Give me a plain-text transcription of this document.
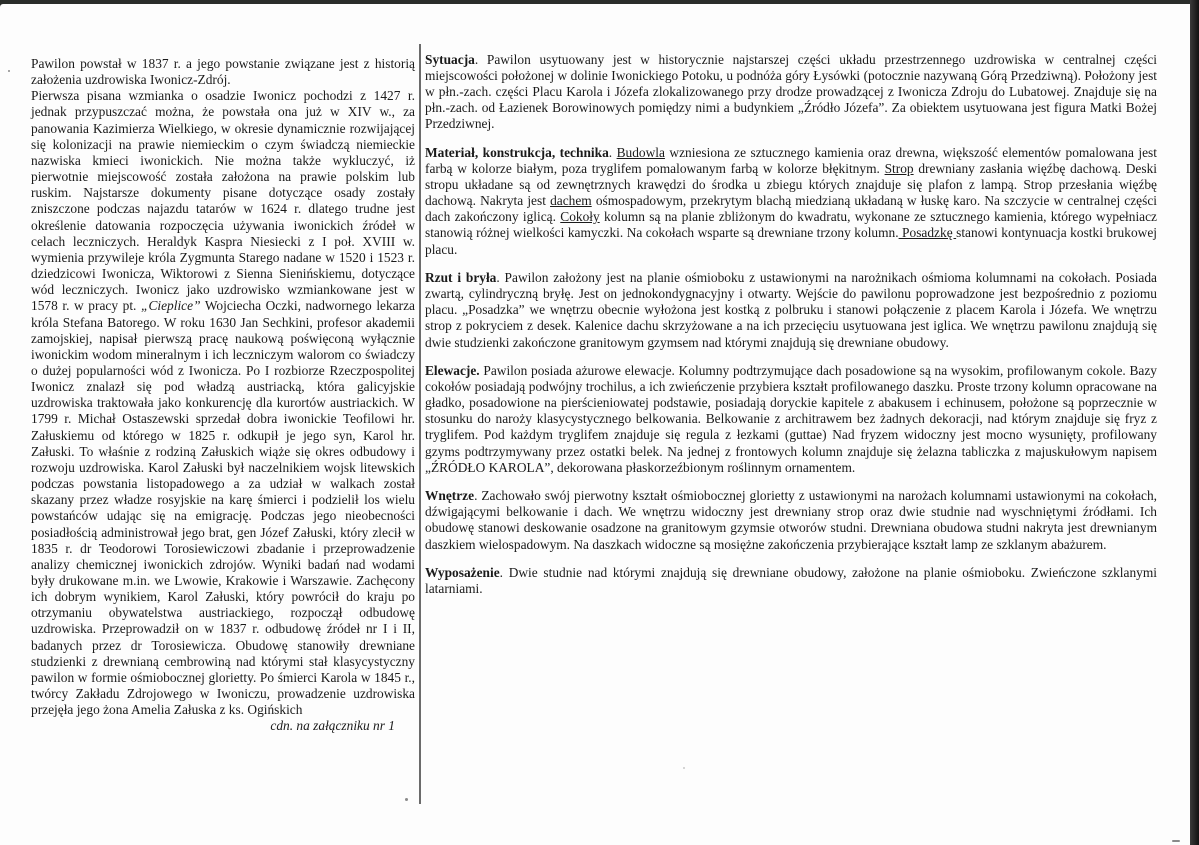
Pawilon powstał w 1837 r. a jego powstanie związane jest z historią założenia uzdrowiska Iwonicz-Zdrój.

Pierwsza pisana wzmianka o osadzie Iwonicz pochodzi z 1427 r. jednak przypuszczać można, że powstała ona już w XIV w., za panowania Kazimierza Wielkiego, w okresie dynamicznie rozwijającej się kolonizacji na prawie niemieckim o czym świadczą niemieckie nazwiska kmieci iwonickich. Nie można także wykluczyć, iż pierwotnie miejscowość została założona na prawie polskim lub ruskim. Najstarsze dokumenty pisane dotyczące osady zostały zniszczone podczas najazdu tatarów w 1624 r. dlatego trudne jest określenie datowania rozpoczęcia używania iwonickich źródeł w celach leczniczych. Heraldyk Kaspra Niesiecki z I poł. XVIII w. wymienia przywileje króla Zygmunta Starego nadane w 1520 i 1523 r. dziedzicowi Iwonicza, Wiktorowi z Sienna Sienińskiemu, dotyczące wód leczniczych. Iwonicz jako uzdrowisko wzmiankowane jest w 1578 r. w pracy pt. „Cieplice” Wojciecha Oczki, nadwornego lekarza króla Stefana Batorego. W roku 1630 Jan Sechkini, profesor akademii zamojskiej, napisał pierwszą pracę naukową poświęconą wyłącznie iwonickim wodom mineralnym i ich leczniczym walorom co świadczy o dużej popularności wód z Iwonicza. Po I rozbiorze Rzeczpospolitej Iwonicz znalazł się pod władzą austriacką, która galicyjskie uzdrowiska traktowała jako konkurencję dla kurortów austriackich. W 1799 r. Michał Ostaszewski sprzedał dobra iwonickie Teofilowi hr. Załuskiemu od którego w 1825 r. odkupił je jego syn, Karol hr. Załuski. To właśnie z rodziną Załuskich wiąże się okres odbudowy i rozwoju uzdrowiska. Karol Załuski był naczelnikiem wojsk litewskich podczas powstania listopadowego a za udział w walkach został skazany przez władze rosyjskie na karę śmierci i podzielił los wielu powstańców udając się na emigrację. Podczas jego nieobecności posiadłością administrował jego brat, gen Józef Załuski, który zlecił w 1835 r. dr Teodorowi Torosiewiczowi zbadanie i przeprowadzenie analizy chemicznej iwonickich zdrojów. Wyniki badań nad wodami były drukowane m.in. we Lwowie, Krakowie i Warszawie. Zachęcony ich dobrym wynikiem, Karol Załuski, który powrócił do kraju po otrzymaniu obywatelstwa austriackiego, rozpoczął odbudowę uzdrowiska. Przeprowadził on w 1837 r. odbudowę źródeł nr I i II, badanych przez dr Torosiewicza. Obudowę stanowiły drewniane studzienki z drewnianą cembrowiną nad którymi stał klasycystyczny pawilon w formie ośmiobocznej glorietty. Po śmierci Karola w 1845 r., twórcy Zakładu Zdrojowego w Iwoniczu, prowadzenie uzdrowiska przejęła jego żona Amelia Załuska z ks. Ogińskich

cdn. na załączniku nr 1

Sytuacja. Pawilon usytuowany jest w historycznie najstarszej części układu przestrzennego uzdrowiska w centralnej części miejscowości położonej w dolinie Iwonickiego Potoku, u podnóża góry Łysówki (potocznie nazywaną Górą Przedziwną). Położony jest w płn.-zach. części Placu Karola i Józefa zlokalizowanego przy drodze prowadzącej z Iwonicza Zdroju do Lubatowej. Znajduje się na płn.-zach. od Łazienek Borowinowych pomiędzy nimi a budynkiem „Źródło Józefa”. Za obiektem usytuowana jest figura Matki Bożej Przedziwnej.

Materiał, konstrukcja, technika. Budowla wzniesiona ze sztucznego kamienia oraz drewna, większość elementów pomalowana jest farbą w kolorze białym, poza tryglifem pomalowanym farbą w kolorze błękitnym. Strop drewniany zasłania więźbę dachową. Deski stropu układane są od zewnętrznych krawędzi do środka u zbiegu których znajduje się plafon z lampą. Strop przesłania więźbę dachową. Nakryta jest dachem ośmospadowym, przekrytym blachą miedzianą układaną w łuskę karo. Na szczycie w centralnej części dach zakończony iglicą. Cokoły kolumn są na planie zbliżonym do kwadratu, wykonane ze sztucznego kamienia, którego wypełniacz stanowią różnej wielkości kamyczki. Na cokołach wsparte są drewniane trzony kolumn. Posadzkę stanowi kontynuacja kostki brukowej placu.

Rzut i bryła. Pawilon założony jest na planie ośmioboku z ustawionymi na narożnikach ośmioma kolumnami na cokołach. Posiada zwartą, cylindryczną bryłę. Jest on jednokondygnacyjny i otwarty. Wejście do pawilonu poprowadzone jest bezpośrednio z poziomu placu. „Posadzka” we wnętrzu obecnie wyłożona jest kostką z polbruku i stanowi połączenie z placem Karola i Józefa. We wnętrzu strop z pokryciem z desek. Kalenice dachu skrzyżowane a na ich przecięciu usytuowana jest iglica. We wnętrzu pawilonu znajdują się dwie studzienki zakończone granitowym gzymsem nad którymi znajdują się drewniane obudowy.

Elewacje. Pawilon posiada ażurowe elewacje. Kolumny podtrzymujące dach posadowione są na wysokim, profilowanym cokole. Bazy cokołów posiadają podwójny trochilus, a ich zwieńczenie przybiera kształt profilowanego daszku. Proste trzony kolumn opracowane na gładko, posadowione na pierścieniowatej podstawie, posiadają doryckie kapitele z abakusem i echinusem, położone są poprzecznie w stosunku do naroży klasycystycznego belkowania. Belkowanie z architrawem bez żadnych dekoracji, nad którym znajduje się fryz z tryglifem. Pod każdym tryglifem znajduje się regula z łezkami (guttae) Nad fryzem widoczny jest mocno wysunięty, profilowany gzyms podtrzymywany przez ostatki belek. Na jednej z frontowych kolumn znajduje się żelazna tabliczka z majuskułowym napisem „ŹRÓDŁO KAROLA”, dekorowana płaskorzeźbionym roślinnym ornamentem.

Wnętrze. Zachowało swój pierwotny kształt ośmiobocznej glorietty z ustawionymi na narożach kolumnami ustawionymi na cokołach, dźwigającymi belkowanie i dach. We wnętrzu widoczny jest drewniany strop oraz dwie studnie nad wyschniętymi źródłami. Ich obudowę stanowi deskowanie osadzone na granitowym gzymsie otworów studni. Drewniana obudowa studni nakryta jest drewnianym daszkiem wielospadowym. Na daszkach widoczne są mosiężne zakończenia przybierające kształt lamp ze szklanym abażurem.

Wyposażenie. Dwie studnie nad którymi znajdują się drewniane obudowy, założone na planie ośmioboku. Zwieńczone szklanymi latarniami.
